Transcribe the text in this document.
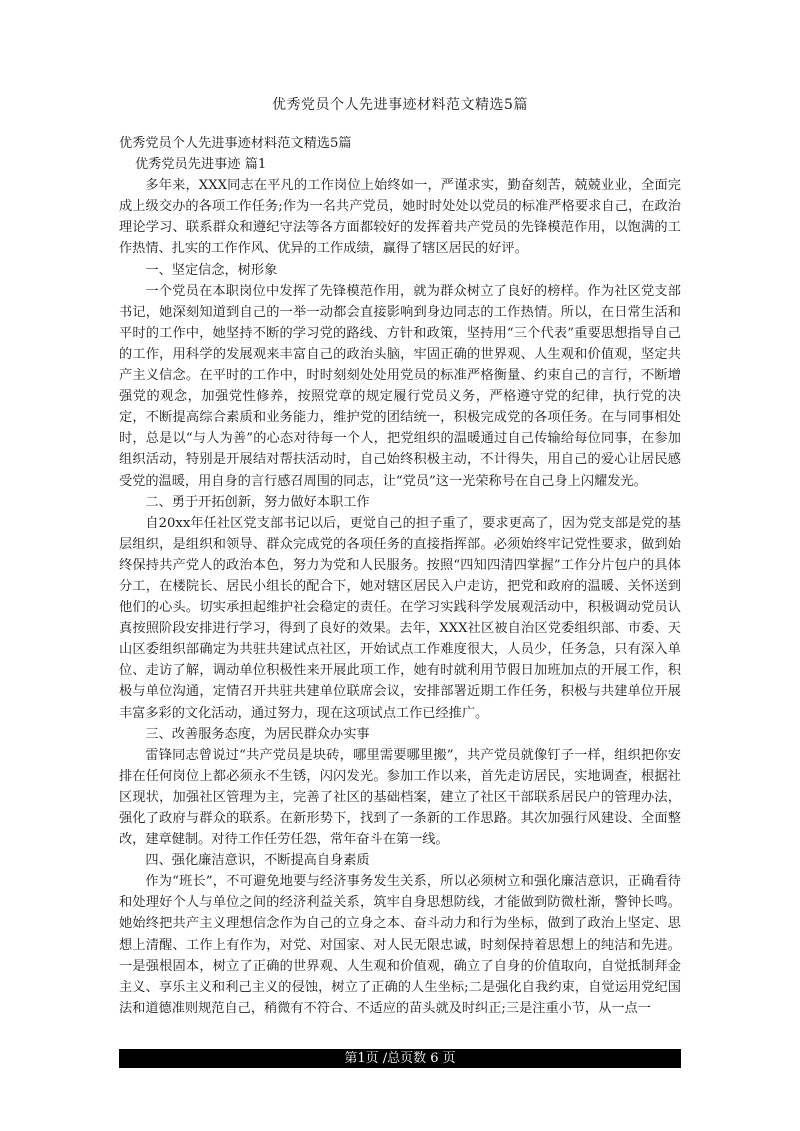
优秀党员个人先进事迹材料范文精选5篇

优秀党员个人先进事迹材料范文精选5篇

优秀党员先进事迹 篇1

多年来，XXX同志在平凡的工作岗位上始终如一，严谨求实，勤奋刻苦，兢兢业业，全面完成上级交办的各项工作任务;作为一名共产党员，她时时处处以党员的标准严格要求自己，在政治理论学习、联系群众和遵纪守法等各方面都较好的发挥着共产党员的先锋模范作用，以饱满的工作热情、扎实的工作作风、优异的工作成绩，赢得了辖区居民的好评。

一、坚定信念，树形象

一个党员在本职岗位中发挥了先锋模范作用，就为群众树立了良好的榜样。作为社区党支部书记，她深刻知道到自己的一举一动都会直接影响到身边同志的工作热情。所以，在日常生活和平时的工作中，她坚持不断的学习党的路线、方针和政策，坚持用“三个代表”重要思想指导自己的工作，用科学的发展观来丰富自己的政治头脑，牢固正确的世界观、人生观和价值观，坚定共产主义信念。在平时的工作中，时时刻刻处处用党员的标准严格衡量、约束自己的言行，不断增强党的观念，加强党性修养，按照党章的规定履行党员义务，严格遵守党的纪律，执行党的决定，不断提高综合素质和业务能力，维护党的团结统一，积极完成党的各项任务。在与同事相处时，总是以“与人为善”的心态对待每一个人，把党组织的温暖通过自己传输给每位同事，在参加组织活动，特别是开展结对帮扶活动时，自己始终积极主动，不计得失，用自己的爱心让居民感受党的温暖，用自身的言行感召周围的同志，让“党员”这一光荣称号在自己身上闪耀发光。

二、勇于开拓创新，努力做好本职工作

自20xx年任社区党支部书记以后，更觉自己的担子重了，要求更高了，因为党支部是党的基层组织，是组织和领导、群众完成党的各项任务的直接指挥部。必须始终牢记党性要求，做到始终保持共产党人的政治本色，努力为党和人民服务。按照“四知四清四掌握”工作分片包户的具体分工，在楼院长、居民小组长的配合下，她对辖区居民入户走访，把党和政府的温暖、关怀送到他们的心头。切实承担起维护社会稳定的责任。在学习实践科学发展观活动中，积极调动党员认真按照阶段安排进行学习，得到了良好的效果。去年，XXX社区被自治区党委组织部、市委、天山区委组织部确定为共驻共建试点社区，开始试点工作难度很大，人员少，任务急，只有深入单位、走访了解，调动单位积极性来开展此项工作，她有时就利用节假日加班加点的开展工作，积极与单位沟通，定情召开共驻共建单位联席会议，安排部署近期工作任务，积极与共建单位开展丰富多彩的文化活动，通过努力，现在这项试点工作已经推广。

三、改善服务态度，为居民群众办实事

雷锋同志曾说过“共产党员是块砖，哪里需要哪里搬”，共产党员就像钉子一样，组织把你安排在任何岗位上都必须永不生锈，闪闪发光。参加工作以来，首先走访居民，实地调查，根据社区现状，加强社区管理为主，完善了社区的基础档案，建立了社区干部联系居民户的管理办法，强化了政府与群众的联系。在新形势下，找到了一条新的工作思路。其次加强行风建设、全面整改，建章健制。对待工作任劳任怨，常年奋斗在第一线。

四、强化廉洁意识，不断提高自身素质

作为“班长”，不可避免地要与经济事务发生关系，所以必须树立和强化廉洁意识，正确看待和处理好个人与单位之间的经济利益关系，筑牢自身思想防线，才能做到防微杜渐，警钟长鸣。她始终把共产主义理想信念作为自己的立身之本、奋斗动力和行为坐标，做到了政治上坚定、思想上清醒、工作上有作为，对党、对国家、对人民无限忠诚，时刻保持着思想上的纯洁和先进。一是强根固本，树立了正确的世界观、人生观和价值观，确立了自身的价值取向，自觉抵制拜金主义、享乐主义和利己主义的侵蚀，树立了正确的人生坐标;二是强化自我约束，自觉运用党纪国法和道德准则规范自己，稍微有不符合、不适应的苗头就及时纠正;三是注重小节，从一点一

第1页 /总页数 6 页
